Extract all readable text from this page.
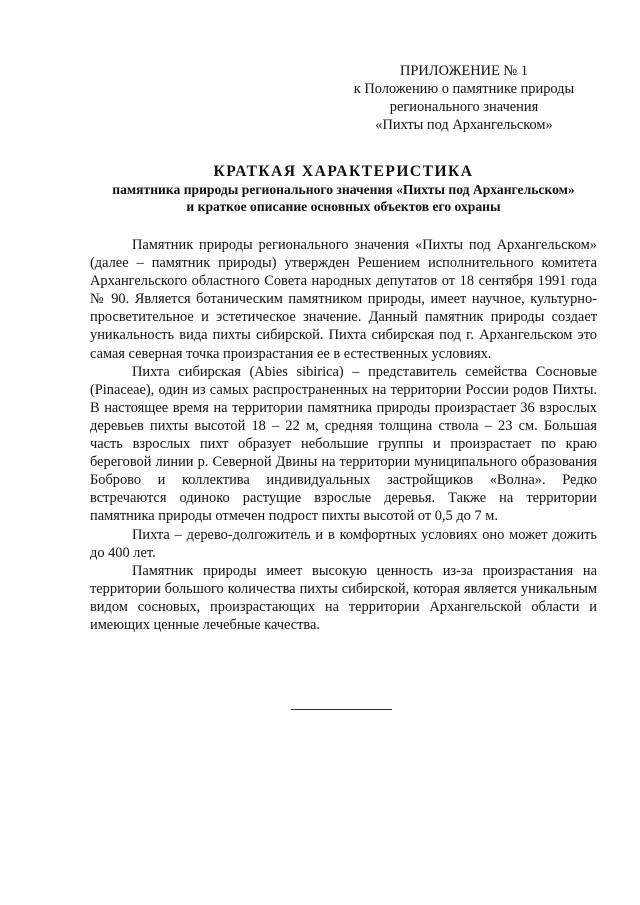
ПРИЛОЖЕНИЕ № 1
к Положению о памятнике природы
регионального значения
«Пихты под Архангельском»
КРАТКАЯ ХАРАКТЕРИСТИКА
памятника природы регионального значения «Пихты под Архангельском»
и краткое описание основных объектов его охраны

Памятник природы регионального значения «Пихты под Архангельском» (далее – памятник природы) утвержден Решением исполнительного комитета Архангельского областного Совета народных депутатов от 18 сентября 1991 года № 90. Является ботаническим памятником природы, имеет научное, культурно-просветительное и эстетическое значение. Данный памятник природы создает уникальность вида пихты сибирской. Пихта сибирская под г. Архангельском это самая северная точка произрастания ее в естественных условиях.

Пихта сибирская (Abies sibirica) – представитель семейства Сосновые (Pinaceae), один из самых распространенных на территории России родов Пихты. В настоящее время на территории памятника природы произрастает 36 взрослых деревьев пихты высотой 18 – 22 м, средняя толщина ствола – 23 см. Большая часть взрослых пихт образует небольшие группы и произрастает по краю береговой линии р. Северной Двины на территории муниципального образования Боброво и коллектива индивидуальных застройщиков «Волна». Редко встречаются одиноко растущие взрослые деревья. Также на территории памятника природы отмечен подрост пихты высотой от 0,5 до 7 м.

Пихта – дерево-долгожитель и в комфортных условиях оно может дожить до 400 лет.

Памятник природы имеет высокую ценность из-за произрастания на территории большого количества пихты сибирской, которая является уникальным видом сосновых, произрастающих на территории Архангельской области и имеющих ценные лечебные качества.
